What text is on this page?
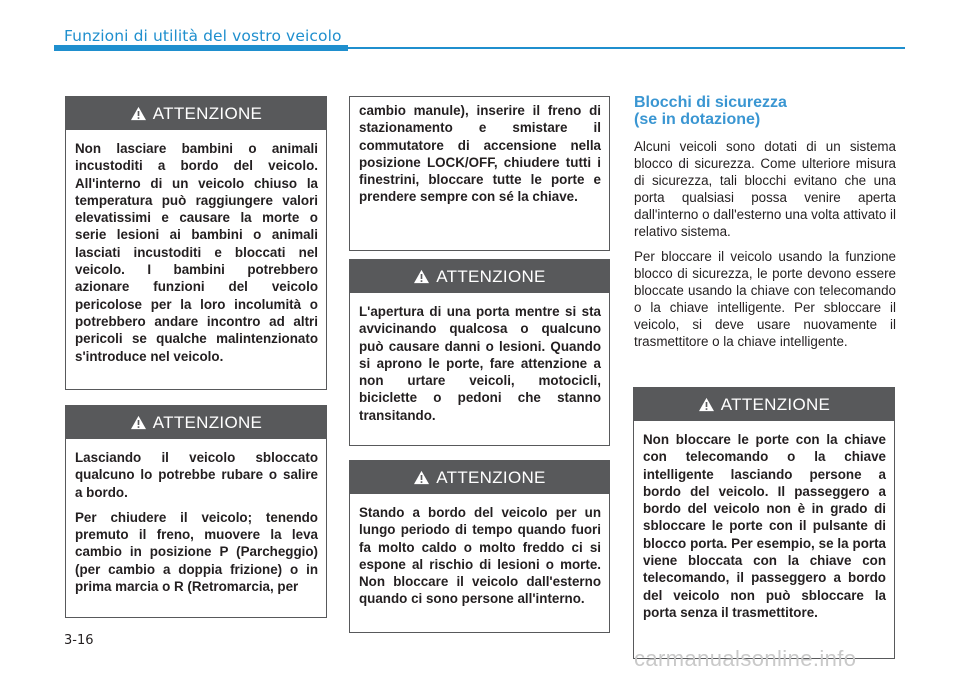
Funzioni di utilità del vostro veicolo
ATTENZIONE

Non lasciare bambini o animali incustoditi a bordo del veicolo. All'interno di un veicolo chiuso la temperatura può raggiungere valori elevatissimi e causare la morte o serie lesioni ai bambini o animali lasciati incustoditi e bloccati nel veicolo. I bambini potrebbero azionare funzioni del veicolo pericolose per la loro incolumità o potrebbero andare incontro ad altri pericoli se qualche malintenzionato s'introduce nel veicolo.

ATTENZIONE

Lasciando il veicolo sbloccato qualcuno lo potrebbe rubare o salire a bordo.

Per chiudere il veicolo; tenendo premuto il freno, muovere la leva cambio in posizione P (Parcheggio) (per cambio a doppia frizione) o in prima marcia o R (Retromarcia, per

cambio manule), inserire il freno di stazionamento e smistare il commutatore di accensione nella posizione LOCK/OFF, chiudere tutti i finestrini, bloccare tutte le porte e prendere sempre con sé la chiave.

ATTENZIONE

L'apertura di una porta mentre si sta avvicinando qualcosa o qualcuno può causare danni o lesioni. Quando si aprono le porte, fare attenzione a non urtare veicoli, motocicli, biciclette o pedoni che stanno transitando.

ATTENZIONE

Stando a bordo del veicolo per un lungo periodo di tempo quando fuori fa molto caldo o molto freddo ci si espone al rischio di lesioni o morte. Non bloccare il veicolo dall'esterno quando ci sono persone all'interno.

Blocchi di sicurezza
(se in dotazione)

Alcuni veicoli sono dotati di un sistema blocco di sicurezza. Come ulteriore misura di sicurezza, tali blocchi evitano che una porta qualsiasi possa venire aperta dall'interno o dall'esterno una volta attivato il relativo sistema.

Per bloccare il veicolo usando la funzione blocco di sicurezza, le porte devono essere bloccate usando la chiave con telecomando o la chiave intelligente. Per sbloccare il veicolo, si deve usare nuovamente il trasmettitore o la chiave intelligente.

ATTENZIONE

Non bloccare le porte con la chiave con telecomando o la chiave intelligente lasciando persone a bordo del veicolo. Il passeggero a bordo del veicolo non è in grado di sbloccare le porte con il pulsante di blocco porta. Per esempio, se la porta viene bloccata con la chiave con telecomando, il passeggero a bordo del veicolo non può sbloccare la porta senza il trasmettitore.

3-16
carmanualsonline.info
